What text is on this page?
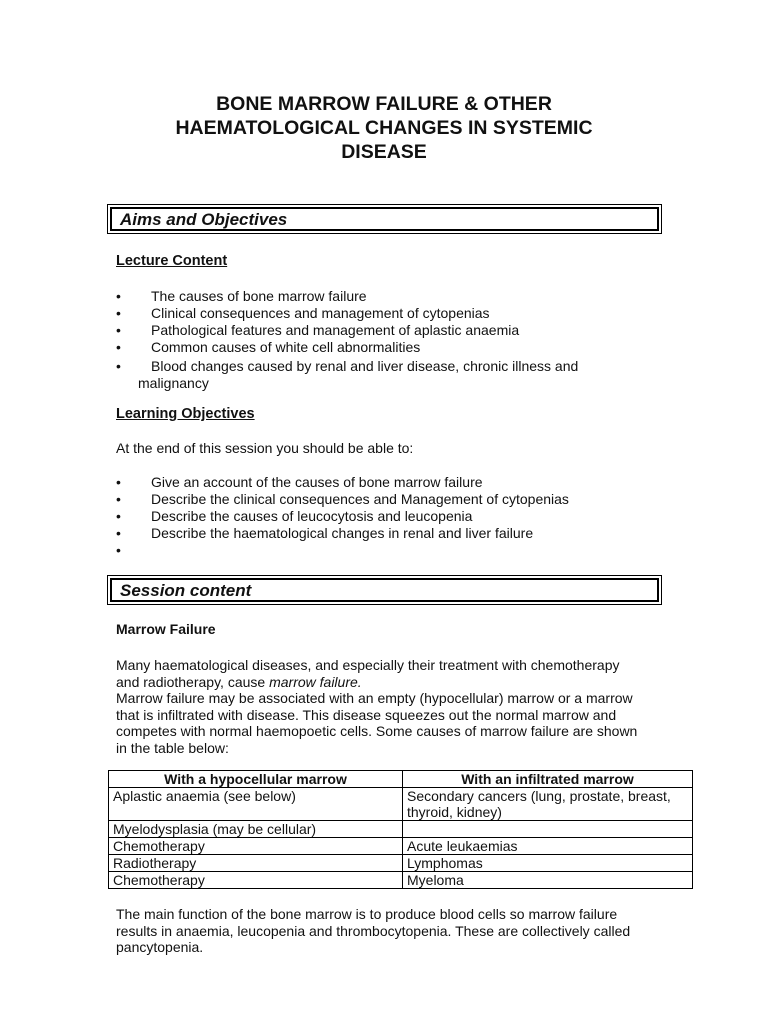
BONE MARROW FAILURE & OTHER
HAEMATOLOGICAL CHANGES IN SYSTEMIC
DISEASE
Aims and Objectives

Lecture Content

•	The causes of bone marrow failure
•	Clinical consequences and management of cytopenias
•	Pathological features and management of aplastic anaemia
•	Common causes of white cell abnormalities
•	Blood changes caused by renal and liver disease, chronic illness and
malignancy

Learning Objectives

At the end of this session you should be able to:

•	Give an account of the causes of bone marrow failure
•	Describe the clinical consequences and Management of cytopenias
•	Describe the causes of leucocytosis and leucopenia
•	Describe the haematological changes in renal and liver failure
•
Session content

Marrow Failure

Many haematological diseases, and especially their treatment with chemotherapy
and radiotherapy, cause marrow failure.

Marrow failure may be associated with an empty (hypocellular) marrow or a marrow
that is infiltrated with disease. This disease squeezes out the normal marrow and
competes with normal haemopoetic cells. Some causes of marrow failure are shown
in the table below:

With a hypocellular marrow	With an infiltrated marrow
Aplastic anaemia (see below)	Secondary cancers (lung, prostate, breast, thyroid, kidney)
Myelodysplasia (may be cellular)	
Chemotherapy	Acute leukaemias
Radiotherapy	Lymphomas
Chemotherapy	Myeloma

The main function of the bone marrow is to produce blood cells so marrow failure
results in anaemia, leucopenia and thrombocytopenia. These are collectively called
pancytopenia.
